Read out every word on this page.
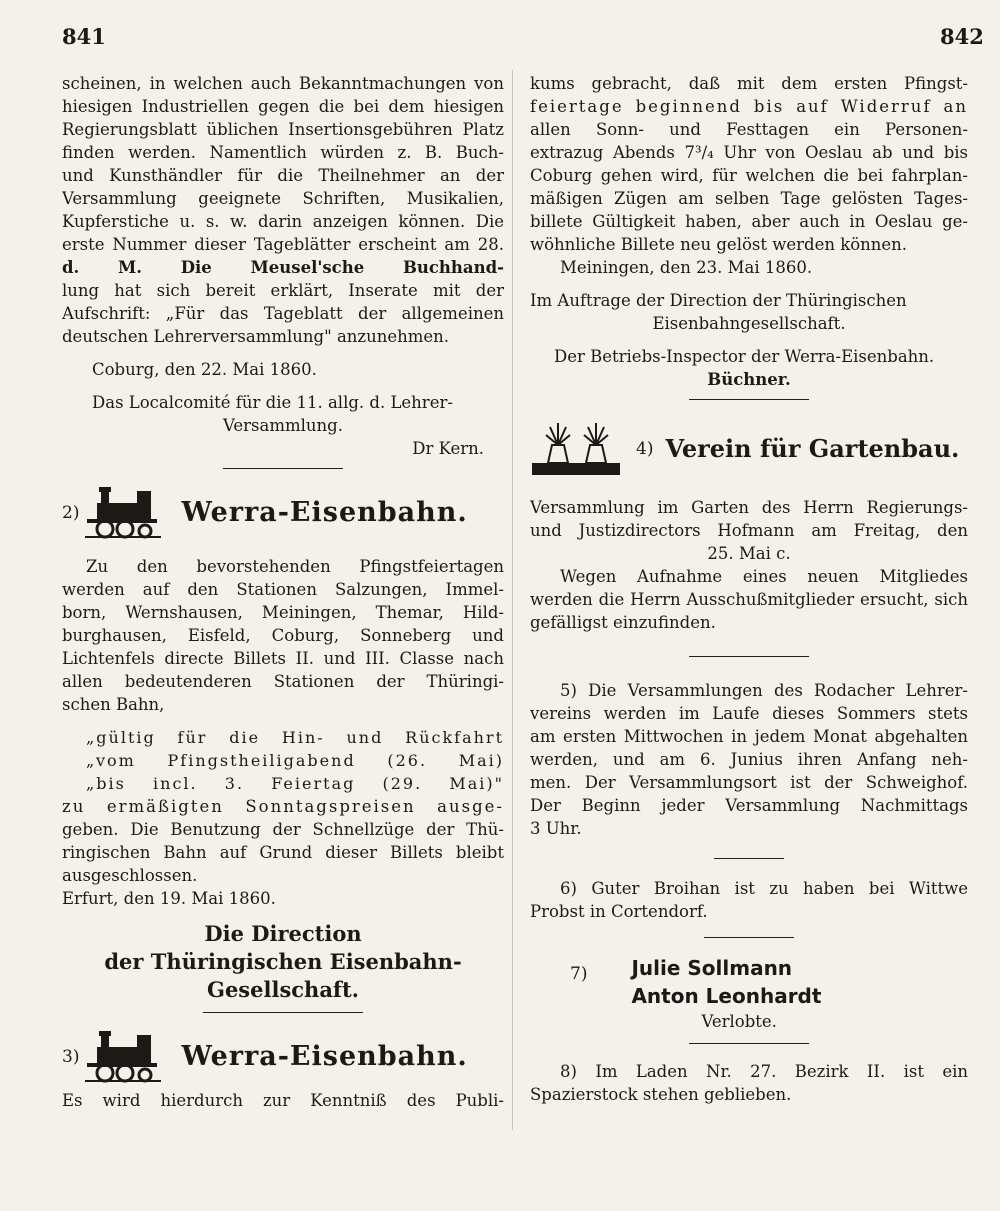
841	842
scheinen, in welchen auch Bekanntmachungen von
hiesigen Industriellen gegen die bei dem hiesigen
Regierungsblatt üblichen Insertionsgebühren Platz
finden werden. Namentlich würden z. B. Buch-
und Kunsthändler für die Theilnehmer an der
Versammlung geeignete Schriften, Musikalien,
Kupferstiche u. s. w. darin anzeigen können. Die
erste Nummer dieser Tageblätter erscheint am 28.
d. M. Die Meusel'sche Buchhand-
lung hat sich bereit erklärt, Inserate mit der
Aufschrift: „Für das Tageblatt der allgemeinen
deutschen Lehrerversammlung" anzunehmen.
Coburg, den 22. Mai 1860.
Das Localcomité für die 11. allg. d. Lehrer-
Versammlung.
Dr Kern.
2)	Werra-Eisenbahn.
Zu den bevorstehenden Pfingstfeiertagen
werden auf den Stationen Salzungen, Immel-
born, Wernshausen, Meiningen, Themar, Hild-
burghausen, Eisfeld, Coburg, Sonneberg und
Lichtenfels directe Billets II. und III. Classe nach
allen bedeutenderen Stationen der Thüringi-
schen Bahn,
„gültig für die Hin- und Rückfahrt
„vom Pfingstheiligabend (26. Mai)
„bis incl. 3. Feiertag (29. Mai)"
zu ermäßigten Sonntagspreisen ausge-
geben. Die Benutzung der Schnellzüge der Thü-
ringischen Bahn auf Grund dieser Billets bleibt
ausgeschlossen.
Erfurt, den 19. Mai 1860.
Die Direction
der Thüringischen Eisenbahn-
Gesellschaft.
3)	Werra-Eisenbahn.
Es wird hierdurch zur Kenntniß des Publi-
kums gebracht, daß mit dem ersten Pfingst-
feiertage beginnend bis auf Widerruf an
allen Sonn- und Festtagen ein Personen-
extrazug Abends 7³/₄ Uhr von Oeslau ab und bis
Coburg gehen wird, für welchen die bei fahrplan-
mäßigen Zügen am selben Tage gelösten Tages-
billete Gültigkeit haben, aber auch in Oeslau ge-
wöhnliche Billete neu gelöst werden können.
Meiningen, den 23. Mai 1860.
Im Auftrage der Direction der Thüringischen
Eisenbahngesellschaft.
Der Betriebs-Inspector der Werra-Eisenbahn.
Büchner.
4) Verein für Gartenbau.
Versammlung im Garten des Herrn Regierungs-
und Justizdirectors Hofmann am Freitag, den
25. Mai c.
Wegen Aufnahme eines neuen Mitgliedes
werden die Herrn Ausschußmitglieder ersucht, sich
gefälligst einzufinden.
5) Die Versammlungen des Rodacher Lehrer-
vereins werden im Laufe dieses Sommers stets
am ersten Mittwochen in jedem Monat abgehalten
werden, und am 6. Junius ihren Anfang neh-
men. Der Versammlungsort ist der Schweighof.
Der Beginn jeder Versammlung Nachmittags
3 Uhr.
6) Guter Broihan ist zu haben bei Wittwe
Probst in Cortendorf.
7) Julie Sollmann
Anton Leonhardt
Verlobte.
8) Im Laden Nr. 27. Bezirk II. ist ein
Spazierstock stehen geblieben.
